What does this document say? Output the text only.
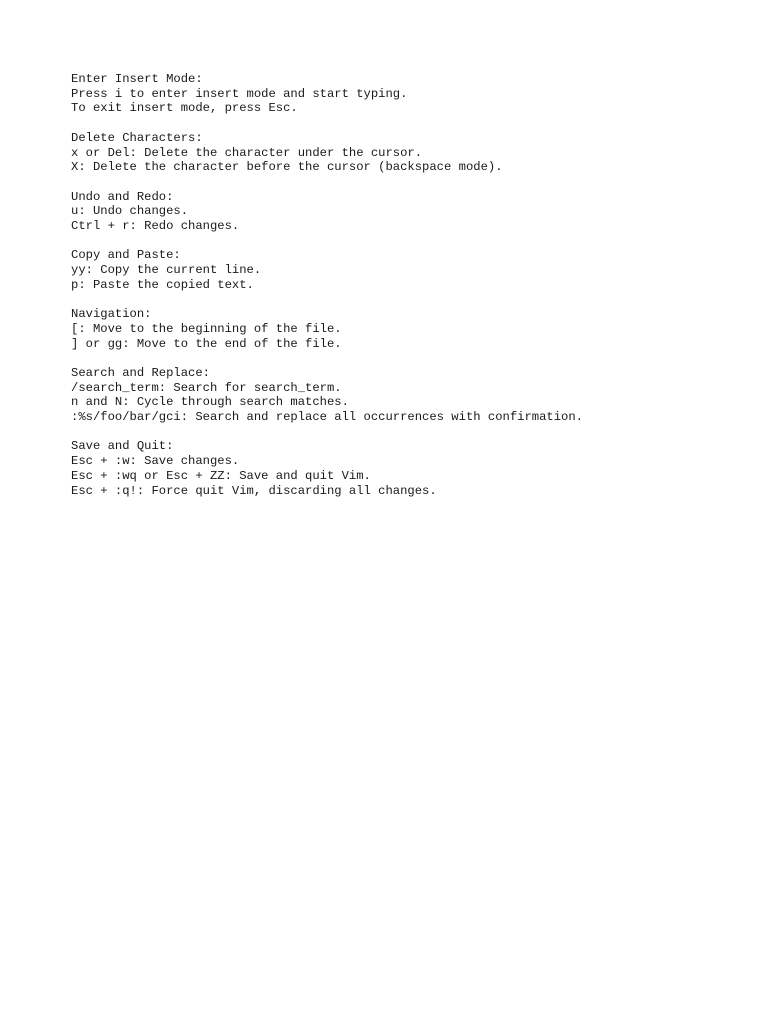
Enter Insert Mode:
Press i to enter insert mode and start typing.
To exit insert mode, press Esc.
Delete Characters:
x or Del: Delete the character under the cursor.
X: Delete the character before the cursor (backspace mode).
Undo and Redo:
u: Undo changes.
Ctrl + r: Redo changes.
Copy and Paste:
yy: Copy the current line.
p: Paste the copied text.
Navigation:
[: Move to the beginning of the file.
] or gg: Move to the end of the file.
Search and Replace:
/search_term: Search for search_term.
n and N: Cycle through search matches.
:%s/foo/bar/gci: Search and replace all occurrences with confirmation.
Save and Quit:
Esc + :w: Save changes.
Esc + :wq or Esc + ZZ: Save and quit Vim.
Esc + :q!: Force quit Vim, discarding all changes.
